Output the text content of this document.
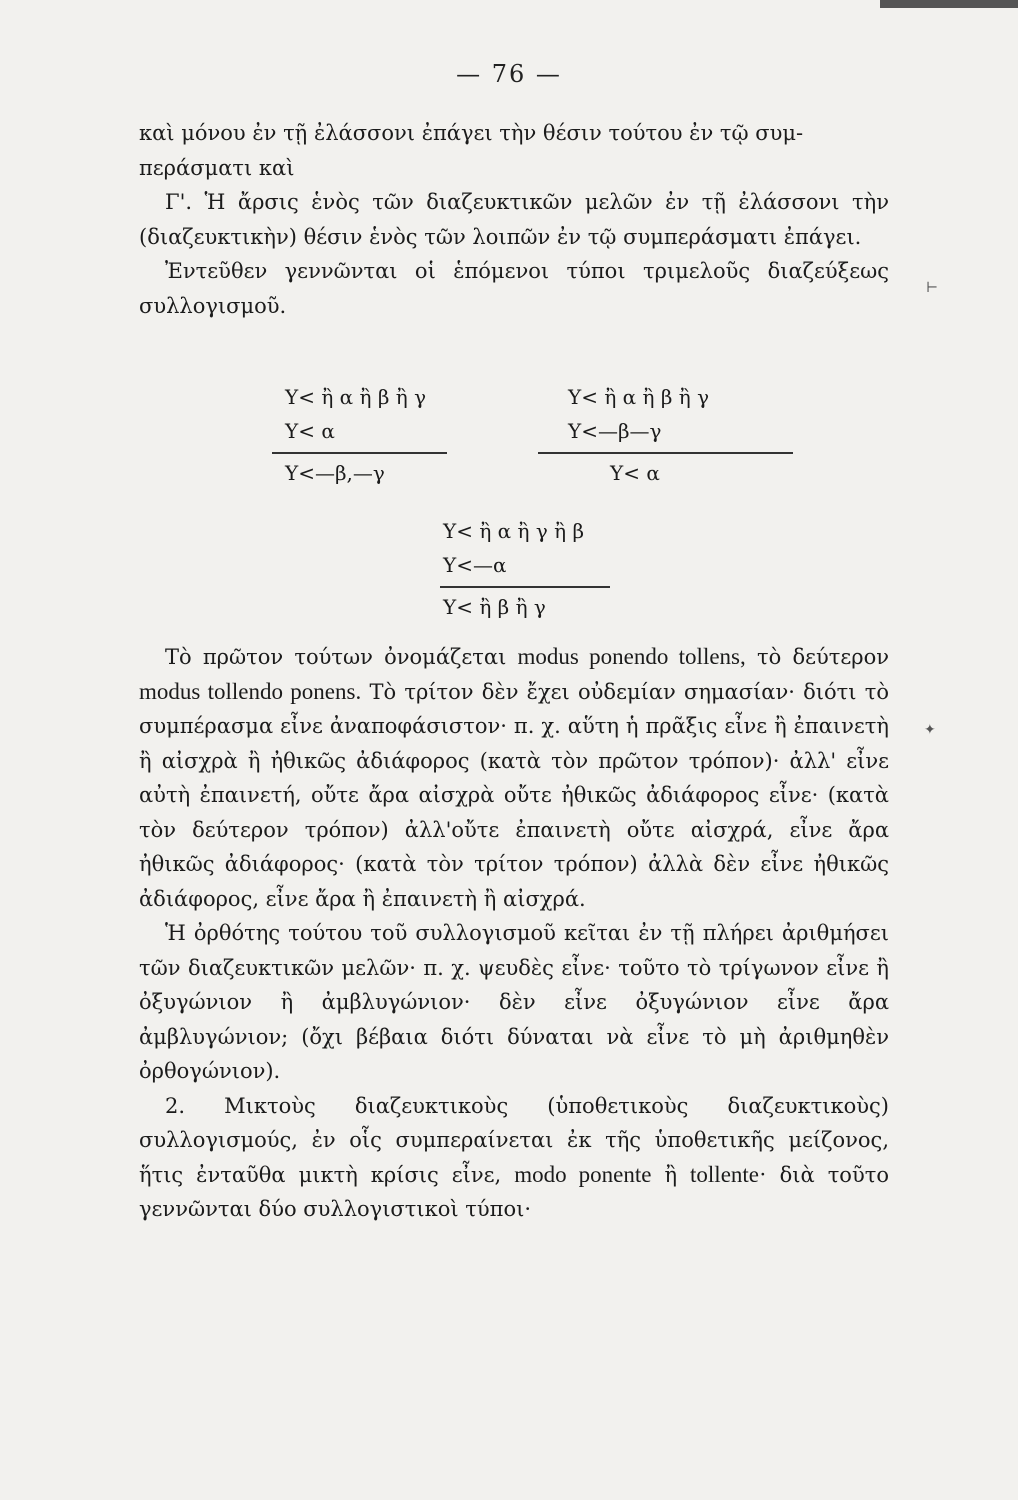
— 76 —
καὶ μόνου ἐν τῇ ἐλάσσονι ἐπάγει τὴν θέσιν τούτου ἐν τῷ συμ-
περάσματι καὶ
Γ'. Ἡ ἄρσις ἑνὸς τῶν διαζευκτικῶν μελῶν ἐν τῇ ἐλάσσονι τὴν (διαζευκτικὴν) θέσιν ἑνὸς τῶν λοιπῶν ἐν τῷ συμπεράσματι ἐπάγει.
Ἐντεῦθεν γεννῶνται οἱ ἑπόμενοι τύποι τριμελοῦς διαζεύξεως συλλογισμοῦ.
Υ< ἢ α ἢ β ἢ γ
Υ< α
Υ<—β,—γ
Υ< ἢ α ἢ β ἢ γ
Υ<—β—γ
Υ< α
Υ< ἢ α ἢ γ ἢ β
Υ<—α
Υ< ἢ β ἢ γ
Τὸ πρῶτον τούτων ὀνομάζεται modus ponendo tollens, τὸ δεύτερον modus tollendo ponens. Τὸ τρίτον δὲν ἔχει οὐδεμίαν σημασίαν· διότι τὸ συμπέρασμα εἶνε ἀναποφάσιστον· π. χ. αὕτη ἡ πρᾶξις εἶνε ἢ ἐπαινετὴ ἢ αἰσχρὰ ἢ ἠθικῶς ἀδιάφορος (κατὰ τὸν πρῶτον τρόπον)· ἀλλ' εἶνε αὐτὴ ἐπαινετή, οὔτε ἄρα αἰσχρὰ οὔτε ἠθικῶς ἀδιάφορος εἶνε· (κατὰ τὸν δεύτερον τρόπον) ἀλλ'οὔτε ἐπαινετὴ οὔτε αἰσχρά, εἶνε ἄρα ἠθικῶς ἀδιάφορος· (κατὰ τὸν τρίτον τρόπον) ἀλλὰ δὲν εἶνε ἠθικῶς ἀδιάφορος, εἶνε ἄρα ἢ ἐπαινετὴ ἢ αἰσχρά.
Ἡ ὀρθότης τούτου τοῦ συλλογισμοῦ κεῖται ἐν τῇ πλήρει ἀριθμήσει τῶν διαζευκτικῶν μελῶν· π. χ. ψευδὲς εἶνε· τοῦτο τὸ τρίγωνον εἶνε ἢ ὀξυγώνιον ἢ ἀμβλυγώνιον· δὲν εἶνε ὀξυγώνιον εἶνε ἄρα ἀμβλυγώνιον; (ὄχι βέβαια διότι δύναται νὰ εἶνε τὸ μὴ ἀριθμηθὲν ὀρθογώνιον).
2. Μικτοὺς διαζευκτικοὺς (ὑποθετικοὺς διαζευκτικοὺς) συλλογισμούς, ἐν οἷς συμπεραίνεται ἐκ τῆς ὑποθετικῆς μείζονος, ἥτις ἐνταῦθα μικτὴ κρίσις εἶνε, modo ponente ἢ tollente· διὰ τοῦτο γεννῶνται δύο συλλογιστικοὶ τύποι·
⊢
✦
